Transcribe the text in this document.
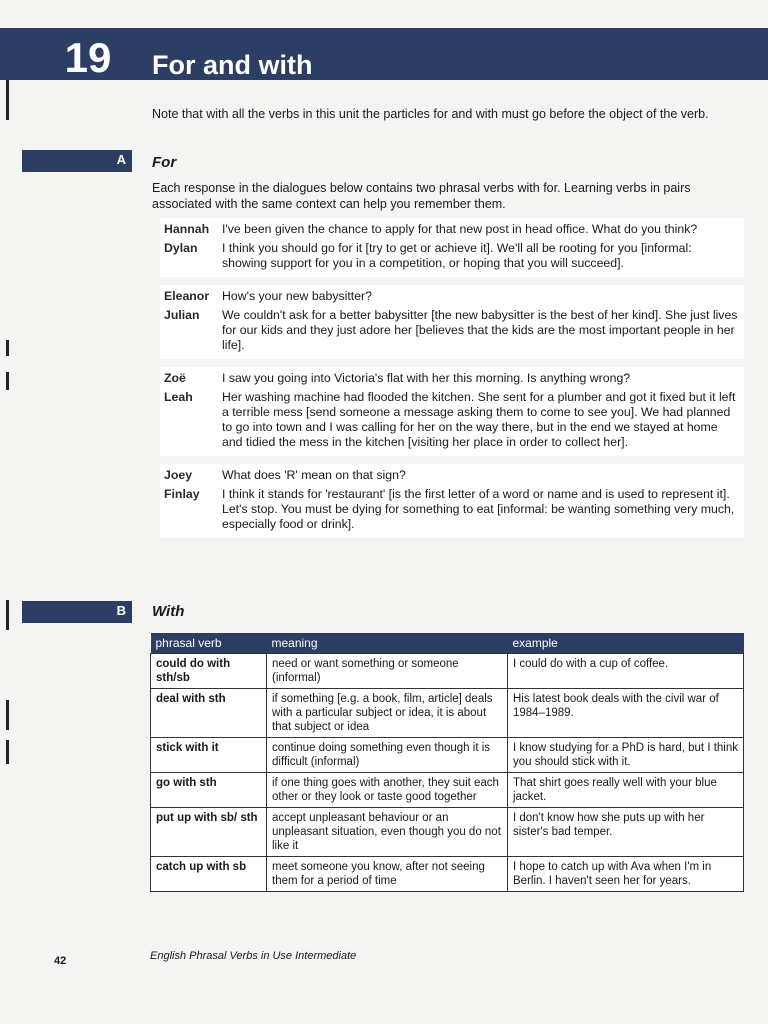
19	For and with
Note that with all the verbs in this unit the particles for and with must go before the object of the verb.
A For
Each response in the dialogues below contains two phrasal verbs with for. Learning verbs in pairs associated with the same context can help you remember them.
Hannah	I've been given the chance to apply for that new post in head office. What do you think?
Dylan	I think you should go for it [try to get or achieve it]. We'll all be rooting for you [informal: showing support for you in a competition, or hoping that you will succeed].
Eleanor	How's your new babysitter?
Julian	We couldn't ask for a better babysitter [the new babysitter is the best of her kind]. She just lives for our kids and they just adore her [believes that the kids are the most important people in her life].
Zoë	I saw you going into Victoria's flat with her this morning. Is anything wrong?
Leah	Her washing machine had flooded the kitchen. She sent for a plumber and got it fixed but it left a terrible mess [send someone a message asking them to come to see you]. We had planned to go into town and I was calling for her on the way there, but in the end we stayed at home and tidied the mess in the kitchen [visiting her place in order to collect her].
Joey	What does 'R' mean on that sign?
Finlay	I think it stands for 'restaurant' [is the first letter of a word or name and is used to represent it]. Let's stop. You must be dying for something to eat [informal: be wanting something very much, especially food or drink].
B With
phrasal verb	meaning	example
could do with sth/sb	need or want something or someone (informal)	I could do with a cup of coffee.
deal with sth	if something [e.g. a book, film, article] deals with a particular subject or idea, it is about that subject or idea	His latest book deals with the civil war of 1984–1989.
stick with it	continue doing something even though it is difficult (informal)	I know studying for a PhD is hard, but I think you should stick with it.
go with sth	if one thing goes with another, they suit each other or they look or taste good together	That shirt goes really well with your blue jacket.
put up with sb/ sth	accept unpleasant behaviour or an unpleasant situation, even though you do not like it	I don't know how she puts up with her sister's bad temper.
catch up with sb	meet someone you know, after not seeing them for a period of time	I hope to catch up with Ava when I'm in Berlin. I haven't seen her for years.
42	English Phrasal Verbs in Use Intermediate
